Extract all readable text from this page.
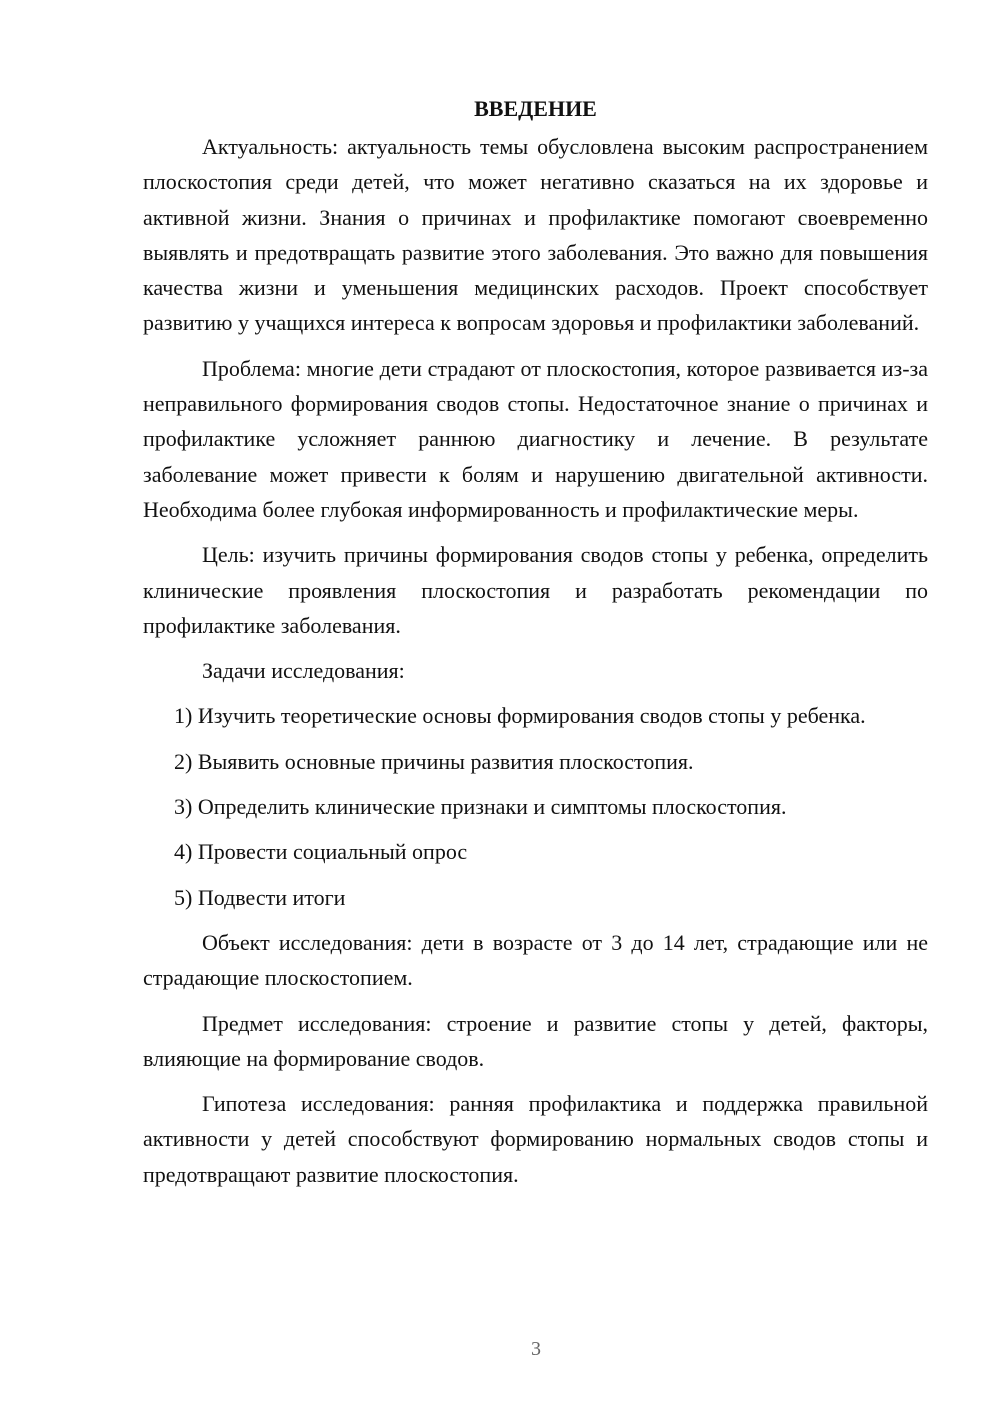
ВВЕДЕНИЕ

Актуальность: актуальность темы обусловлена высоким распространением плоскостопия среди детей, что может негативно сказаться на их здоровье и активной жизни. Знания о причинах и профилактике помогают своевременно выявлять и предотвращать развитие этого заболевания. Это важно для повышения качества жизни и уменьшения медицинских расходов. Проект способствует развитию у учащихся интереса к вопросам здоровья и профилактики заболеваний.

Проблема: многие дети страдают от плоскостопия, которое развивается из-за неправильного формирования сводов стопы. Недостаточное знание о причинах и профилактике усложняет раннюю диагностику и лечение. В результате заболевание может привести к болям и нарушению двигательной активности. Необходима более глубокая информированность и профилактические меры.

Цель: изучить причины формирования сводов стопы у ребенка, определить клинические проявления плоскостопия и разработать рекомендации по профилактике заболевания.

Задачи исследования:

1) Изучить теоретические основы формирования сводов стопы у ребенка.

2) Выявить основные причины развития плоскостопия.

3) Определить клинические признаки и симптомы плоскостопия.

4) Провести социальный опрос

5) Подвести итоги

Объект исследования: дети в возрасте от 3 до 14 лет, страдающие или не страдающие плоскостопием.

Предмет исследования: строение и развитие стопы у детей, факторы, влияющие на формирование сводов.

Гипотеза исследования: ранняя профилактика и поддержка правильной активности у детей способствуют формированию нормальных сводов стопы и предотвращают развитие плоскостопия.

3
